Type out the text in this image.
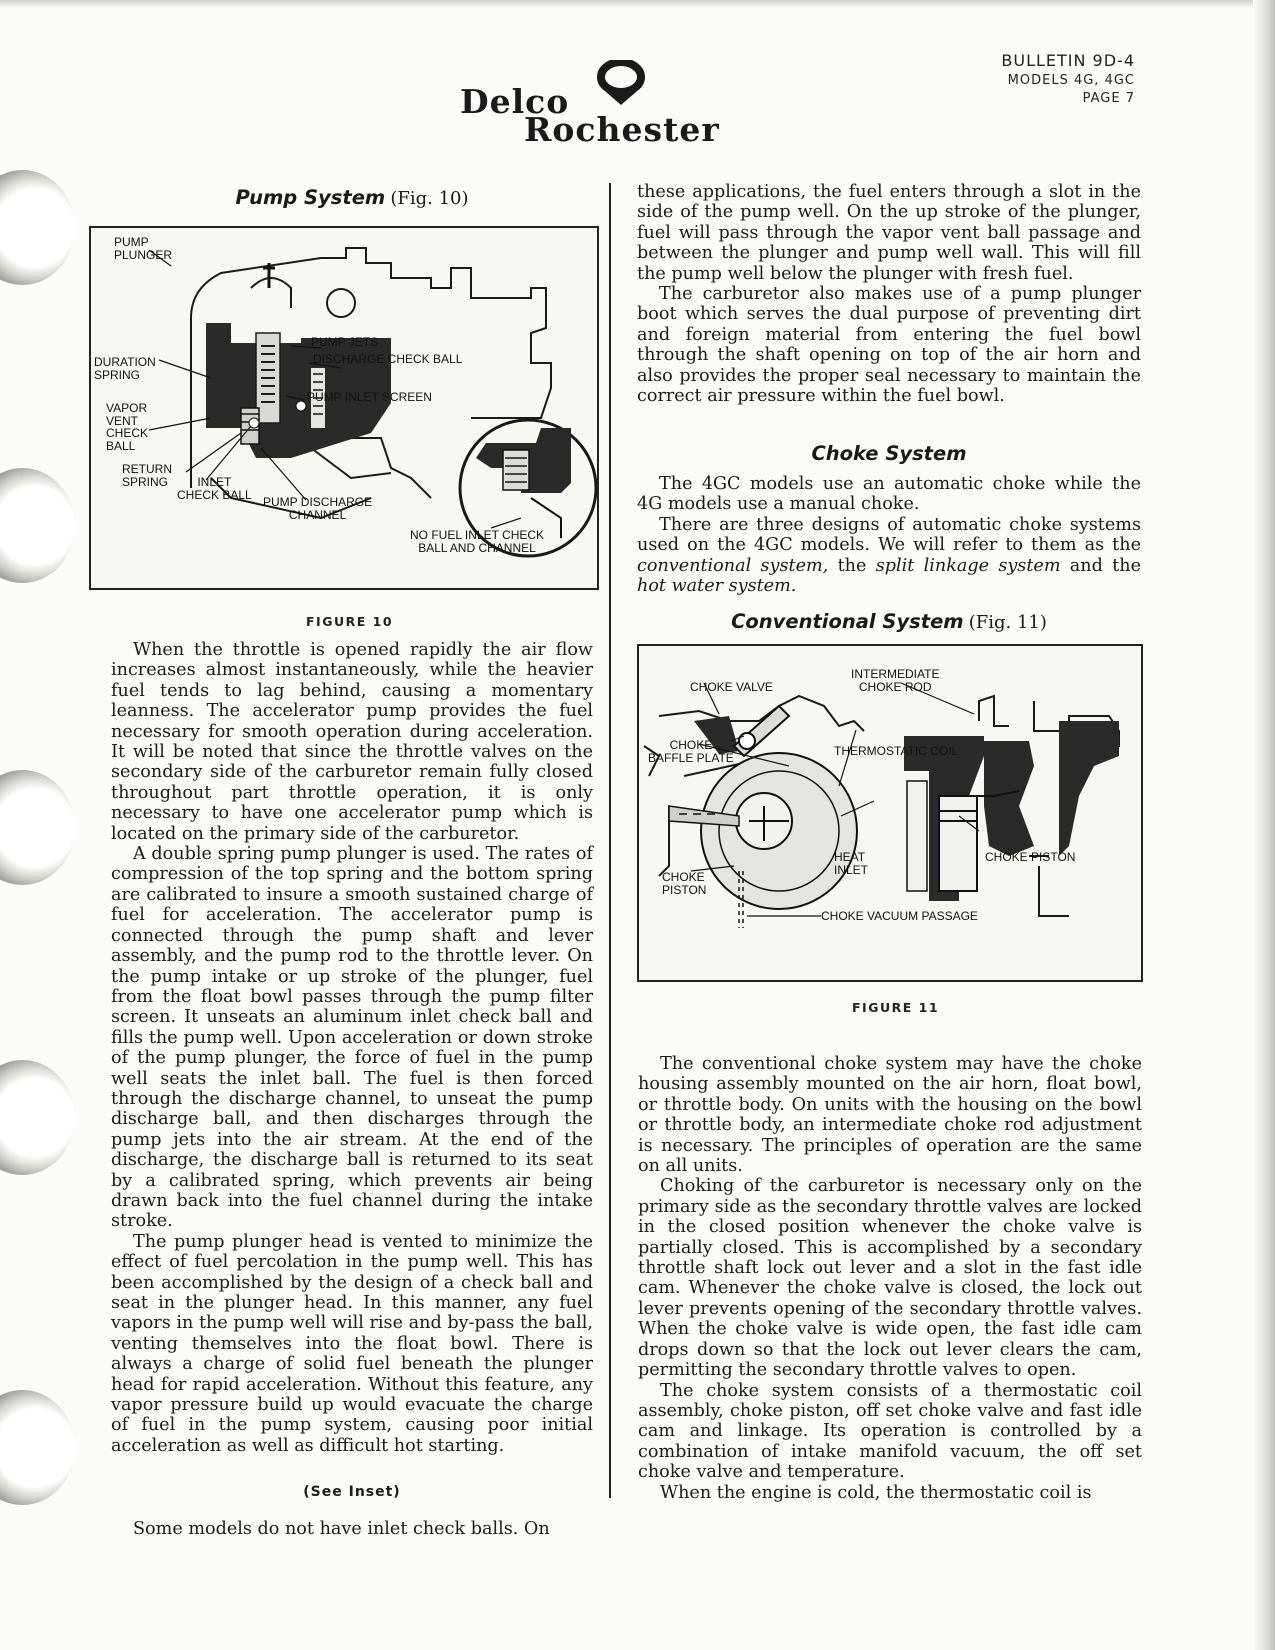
Delco
Rochester
BULLETIN 9D-4
MODELS 4G, 4GC
PAGE 7
Pump System (Fig. 10)
PUMP
PLUNGER
DURATION
SPRING
VAPOR
VENT
CHECK
BALL
RETURN
SPRING	INLET
CHECK BALL
PUMP DISCHARGE
CHANNEL
PUMP JETS
DISCHARGE CHECK BALL
PUMP INLET SCREEN
NO FUEL INLET CHECK
BALL AND CHANNEL
FIGURE 10

When the throttle is opened rapidly the air flow increases almost instantaneously, while the heavier fuel tends to lag behind, causing a momentary leanness. The accelerator pump provides the fuel necessary for smooth operation during acceleration. It will be noted that since the throttle valves on the secondary side of the carburetor remain fully closed throughout part throttle operation, it is only necessary to have one accelerator pump which is located on the primary side of the carburetor.

A double spring pump plunger is used. The rates of compression of the top spring and the bottom spring are calibrated to insure a smooth sustained charge of fuel for acceleration. The accelerator pump is connected through the pump shaft and lever assembly, and the pump rod to the throttle lever. On the pump intake or up stroke of the plunger, fuel from the float bowl passes through the pump filter screen. It unseats an aluminum inlet check ball and fills the pump well. Upon acceleration or down stroke of the pump plunger, the force of fuel in the pump well seats the inlet ball. The fuel is then forced through the discharge channel, to unseat the pump discharge ball, and then discharges through the pump jets into the air stream. At the end of the discharge, the discharge ball is returned to its seat by a calibrated spring, which prevents air being drawn back into the fuel channel during the intake stroke.

The pump plunger head is vented to minimize the effect of fuel percolation in the pump well. This has been accomplished by the design of a check ball and seat in the plunger head. In this manner, any fuel vapors in the pump well will rise and by-pass the ball, venting themselves into the float bowl. There is always a charge of solid fuel beneath the plunger head for rapid acceleration. Without this feature, any vapor pressure build up would evacuate the charge of fuel in the pump system, causing poor initial acceleration as well as difficult hot starting.

(See Inset)

Some models do not have inlet check balls. On

these applications, the fuel enters through a slot in the side of the pump well. On the up stroke of the plunger, fuel will pass through the vapor vent ball passage and between the plunger and pump well wall. This will fill the pump well below the plunger with fresh fuel.

The carburetor also makes use of a pump plunger boot which serves the dual purpose of preventing dirt and foreign material from entering the fuel bowl through the shaft opening on top of the air horn and also provides the proper seal necessary to maintain the correct air pressure within the fuel bowl.

Choke System

The 4GC models use an automatic choke while the 4G models use a manual choke.

There are three designs of automatic choke systems used on the 4GC models. We will refer to them as the conventional system, the split linkage system and the hot water system.

Conventional System (Fig. 11)
CHOKE VALVE
INTERMEDIATE
CHOKE ROD
CHOKE
BAFFLE PLATE	THERMOSTATIC COIL
HEAT
INLET
CHOKE PISTON
CHOKE
PISTON
CHOKE VACUUM PASSAGE
FIGURE 11

The conventional choke system may have the choke housing assembly mounted on the air horn, float bowl, or throttle body. On units with the housing on the bowl or throttle body, an intermediate choke rod adjustment is necessary. The principles of operation are the same on all units.

Choking of the carburetor is necessary only on the primary side as the secondary throttle valves are locked in the closed position whenever the choke valve is partially closed. This is accomplished by a secondary throttle shaft lock out lever and a slot in the fast idle cam. Whenever the choke valve is closed, the lock out lever prevents opening of the secondary throttle valves. When the choke valve is wide open, the fast idle cam drops down so that the lock out lever clears the cam, permitting the secondary throttle valves to open.

The choke system consists of a thermostatic coil assembly, choke piston, off set choke valve and fast idle cam and linkage. Its operation is controlled by a combination of intake manifold vacuum, the off set choke valve and temperature.

When the engine is cold, the thermostatic coil is
